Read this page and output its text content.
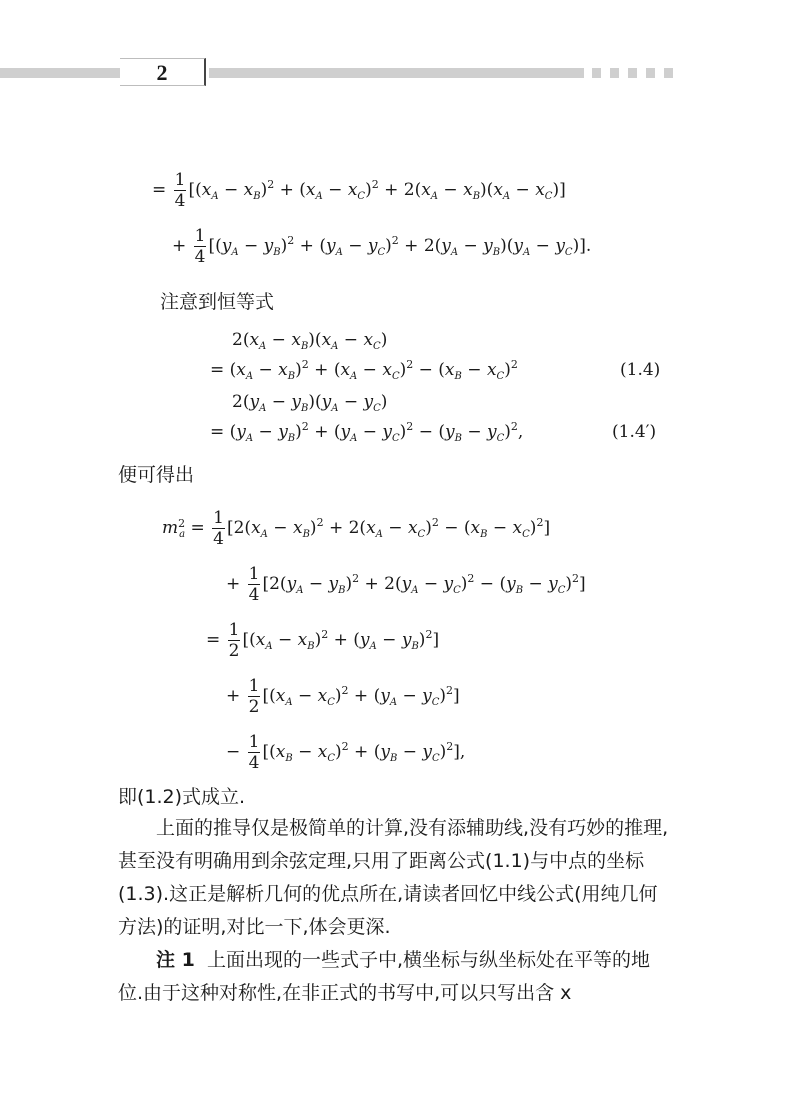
2
= $\frac{1}{4} [(x_A - x_B)^2 + (x_A - x_C)^2 + 2(x_A - x_B)(x_A - x_C)]$
+ $\frac{1}{4} [(y_A - y_B)^2 + (y_A - y_C)^2 + 2(y_A - y_B)(y_A - y_C)]$.
注意到恒等式
$2(x_A - x_B)(x_A - x_C)$
= $(x_A - x_B)^2 + (x_A - x_C)^2 - (x_B - x_C)^2$	(1.4)
$2(y_A - y_B)(y_A - y_C)$
= $(y_A - y_B)^2 + (y_A - y_C)^2 - (y_B - y_C)^2$,	(1.4′)
便可得出
$m^2_a = \frac{1}{4} [2(x_A - x_B)^2 + 2(x_A - x_C)^2 - (x_B - x_C)^2]$
+ $\frac{1}{4} [2(y_A - y_B)^2 + 2(y_A - y_C)^2 - (y_B - y_C)^2]$
= $\frac{1}{2} [(x_A - x_B)^2 + (y_A - y_B)^2]$
+ $\frac{1}{2} [(x_A - x_C)^2 + (y_A - y_C)^2]$
− $\frac{1}{4} [(x_B - x_C)^2 + (y_B - y_C)^2]$,
即(1.2)式成立.
上面的推导仅是极简单的计算,没有添辅助线,没有巧妙的推理,甚至没有明确用到余弦定理,只用了距离公式(1.1)与中点的坐标(1.3).这正是解析几何的优点所在,请读者回忆中线公式(用纯几何方法)的证明,对比一下,体会更深.
注 1 上面出现的一些式子中,横坐标与纵坐标处在平等的地位.由于这种对称性,在非正式的书写中,可以只写出含 x
